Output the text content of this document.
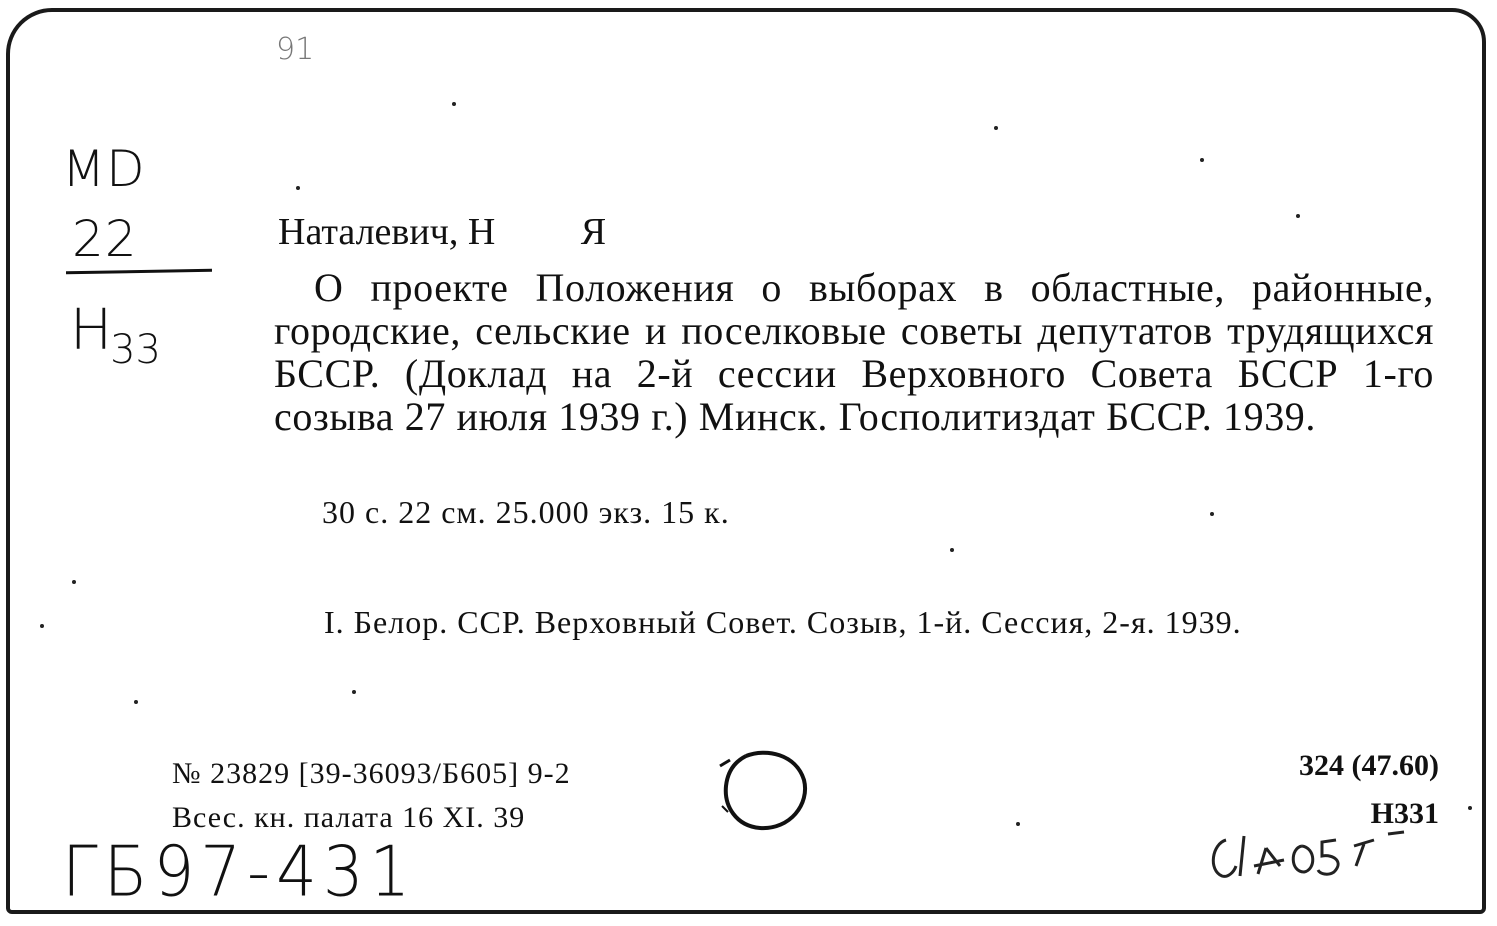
91
MD
22
$H_{33}$
Наталевич, Н         Я
О проекте Положения о выборах в областные, районные, городские, сельские и поселковые советы депутатов трудящихся БССР. (Доклад на 2-й сессии Верховного Совета БССР 1-го созыва 27 июля 1939 г.) Минск. Госполитиздат БССР. 1939.
30 с. 22 см. 25.000 экз. 15 к.
I. Белор. ССР. Верховный Совет. Созыв, 1-й. Сессия, 2-я. 1939.
№ 23829 [39-36093/Б605] 9-2
Всес. кн. палата 16 XI. 39
324 (47.60)
Н331
ГБ97-431
